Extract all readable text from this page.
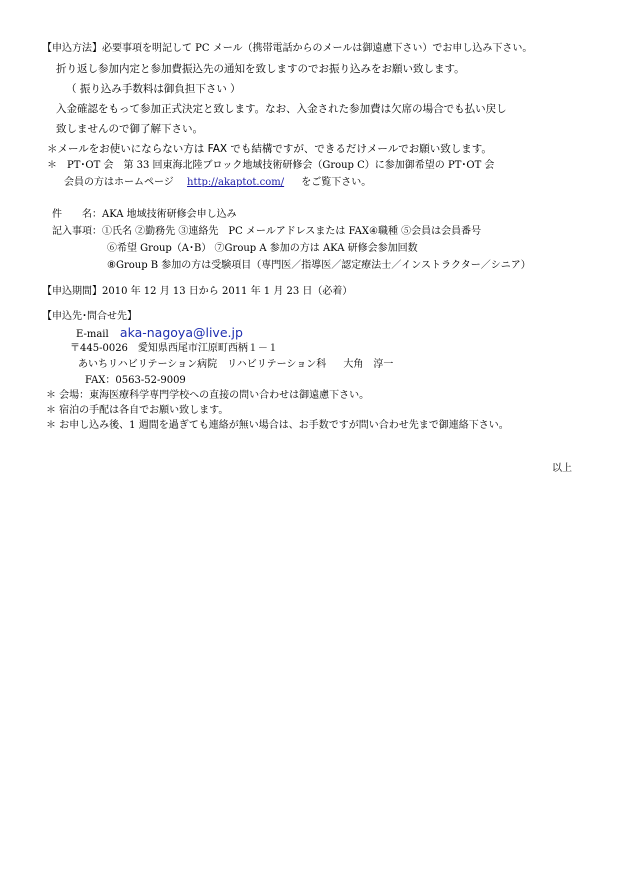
【申込方法】必要事項を明記して PC メール（携帯電話からのメールは御遠慮下さい）でお申し込み下さい。
折り返し参加内定と参加費振込先の通知を致しますのでお振り込みをお願い致します。
（ 振り込み手数料は御負担下さい ）
入金確認をもって参加正式決定と致します。なお、入金された参加費は欠席の場合でも払い戻し
致しませんので御了解下さい。
＊メールをお使いにならない方は FAX でも結構ですが、できるだけメールでお願い致します。
＊　PT･OT 会　第 33 回東海北陸ブロック地域技術研修会（Group C）に参加御希望の PT･OT 会
会員の方はホームページ http://akaptot.com/ をご覧下さい。
件　　名：AKA 地域技術研修会申し込み
記入事項：①氏名 ②勤務先 ③連絡先　PC メールアドレスまたは FAX④職種 ⑤会員は会員番号
⑥希望 Group（A･B） ⑦Group A 参加の方は AKA 研修会参加回数
⑧Group B 参加の方は受験項目（専門医／指導医／認定療法士／インストラクター／シニア）
【申込期間】2010 年 12 月 13 日から 2011 年 1 月 23 日（必着）
【申込先･問合せ先】
E-mail aka-nagoya@live.jp
〒445-0026　愛知県西尾市江原町西柄１－１
あいちリハビリテーション病院　リハビリテーション科 大角　淳一
FAX：0563-52-9009
＊ 会場：東海医療科学専門学校への直接の問い合わせは御遠慮下さい。
＊ 宿泊の手配は各自でお願い致します。
＊ お申し込み後、1 週間を過ぎても連絡が無い場合は、お手数ですが問い合わせ先まで御連絡下さい。
以上
